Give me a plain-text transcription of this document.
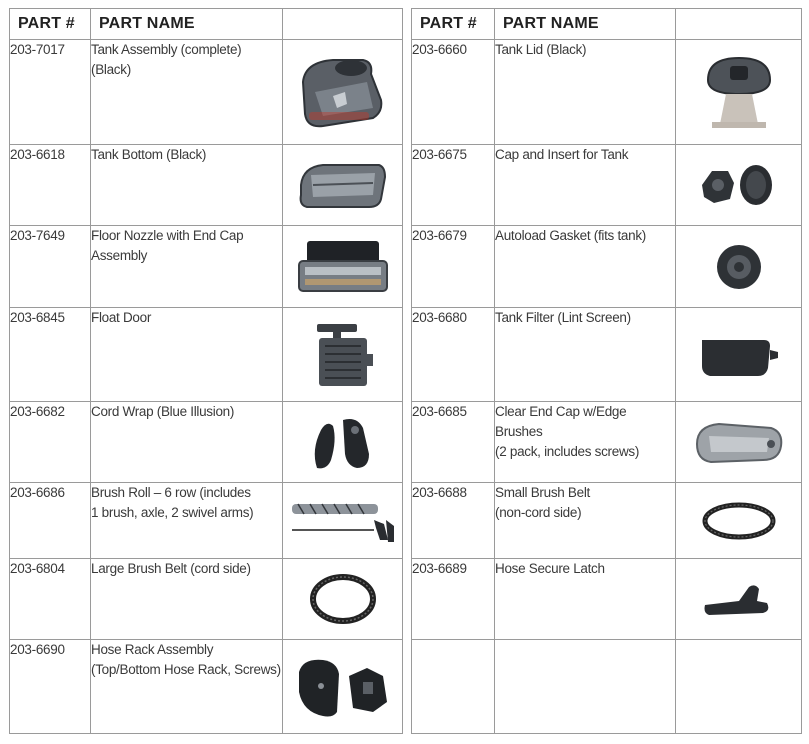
PART #	PART NAME	
203-7017	Tank Assembly (complete)
(Black)	
203-6618	Tank Bottom (Black)	
203-7649	Floor Nozzle with End Cap
Assembly	
203-6845	Float Door	
203-6682	Cord Wrap (Blue Illusion)	
203-6686	Brush Roll – 6 row (includes
1 brush, axle, 2 swivel arms)	
203-6804	Large Brush Belt (cord side)	
203-6690	Hose Rack Assembly
(Top/Bottom Hose Rack, Screws)	
PART #	PART NAME	
203-6660	Tank Lid (Black)	
203-6675	Cap and Insert for Tank	
203-6679	Autoload Gasket (fits tank)	
203-6680	Tank Filter (Lint Screen)	
203-6685	Clear End Cap w/Edge Brushes
(2 pack, includes screws)	
203-6688	Small Brush Belt
(non-cord side)	
203-6689	Hose Secure Latch	
